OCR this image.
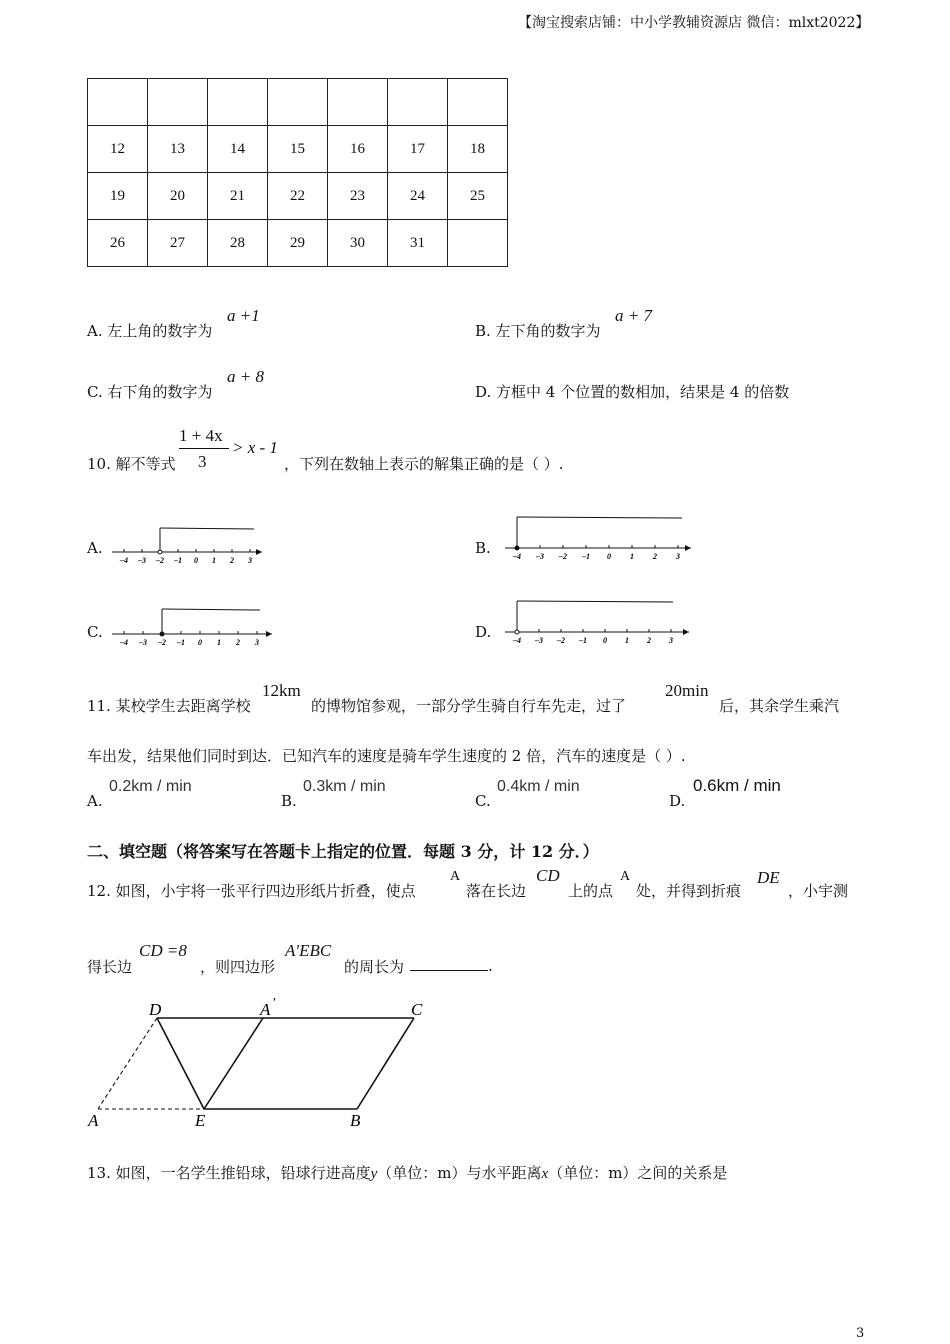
【淘宝搜索店铺：中小学教辅资源店 微信：mlxt2022】

12	13	14	15	16	17	18
19	20	21	22	23	24	25
26	27	28	29	30	31	
A. 左上角的数字为
a +1
B. 左下角的数字为
a + 7
C. 右下角的数字为
a + 8
D. 方框中 4 个位置的数相加，结果是 4 的倍数
10. 解不等式
1 + 4x
3
> x - 1
，下列在数轴上表示的解集正确的是（ ）.
A.
–4 –3 –2 –1 0 1 2 3
B.	–4 –3 –2 –1 0 1 2 3
C.
–4 –3 –2 –1 0 1 2 3
D.	–4 –3 –2 –1 0 1 2 3
11. 某校学生去距离学校
12km
的博物馆参观，一部分学生骑自行车先走，过了
20min
后，其余学生乘汽
车出发，结果他们同时到达．已知汽车的速度是骑车学生速度的 2 倍，汽车的速度是（ ）.
A.
0.2km / min
B.
0.3km / min
C.
0.4km / min
D.
0.6km / min
二、填空题（将答案写在答题卡上指定的位置．每题 3 分，计 12 分．）
12. 如图，小宇将一张平行四边形纸片折叠，使点
A
落在长边
CD
上的点
A
处，并得到折痕
DE
，小宇测
得长边
CD =8
，则四边形
A′EBC
的周长为	.
D	A ′	C
A	E	B
13. 如图，一名学生推铅球，铅球行进高度y（单位：m）与水平距离x（单位：m）之间的关系是
3
